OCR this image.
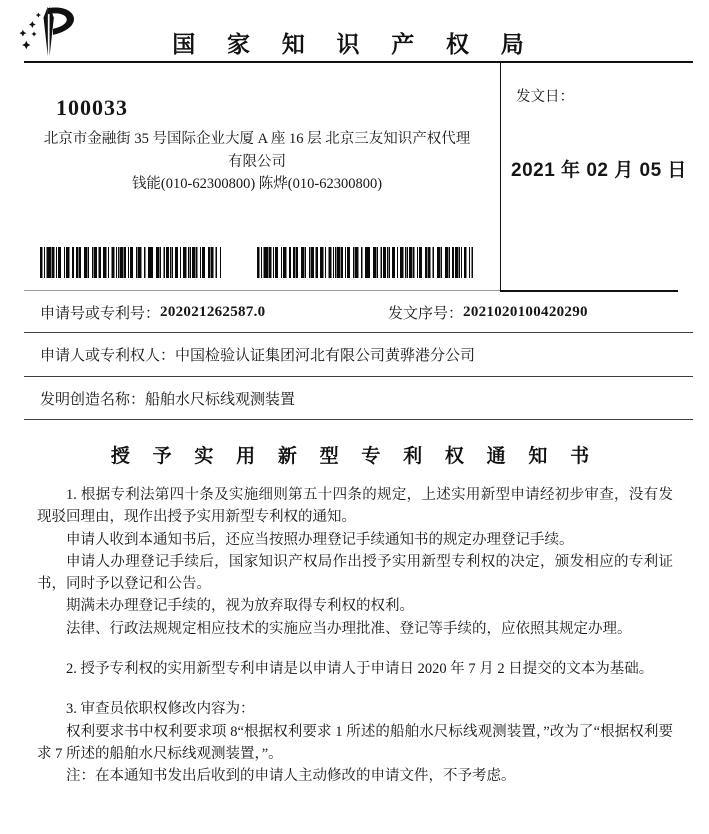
国 家 知 识 产 权 局
发文日：
2021 年 02 月 05 日
100033
北京市金融街 35 号国际企业大厦 A 座 16 层 北京三友知识产权代理
有限公司
钱能(010-62300800) 陈烨(010-62300800)
申请号或专利号： 202021262587.0	发文序号： 2021020100420290
申请人或专利权人： 中国检验认证集团河北有限公司黄骅港分公司
发明创造名称： 船舶水尺标线观测装置
授 予 实 用 新 型 专 利 权 通 知 书

1. 根据专利法第四十条及实施细则第五十四条的规定，上述实用新型申请经初步审查，没有发现驳回理由，现作出授予实用新型专利权的通知。

申请人收到本通知书后，还应当按照办理登记手续通知书的规定办理登记手续。

申请人办理登记手续后，国家知识产权局作出授予实用新型专利权的决定，颁发相应的专利证书，同时予以登记和公告。

期满未办理登记手续的，视为放弃取得专利权的权利。

法律、行政法规规定相应技术的实施应当办理批准、登记等手续的，应依照其规定办理。

2. 授予专利权的实用新型专利申请是以申请人于申请日 2020 年 7 月 2 日提交的文本为基础。

3. 审查员依职权修改内容为：

权利要求书中权利要求项 8“根据权利要求 1 所述的船舶水尺标线观测装置，”改为了“根据权利要求 7 所述的船舶水尺标线观测装置，”。

注：在本通知书发出后收到的申请人主动修改的申请文件，不予考虑。
